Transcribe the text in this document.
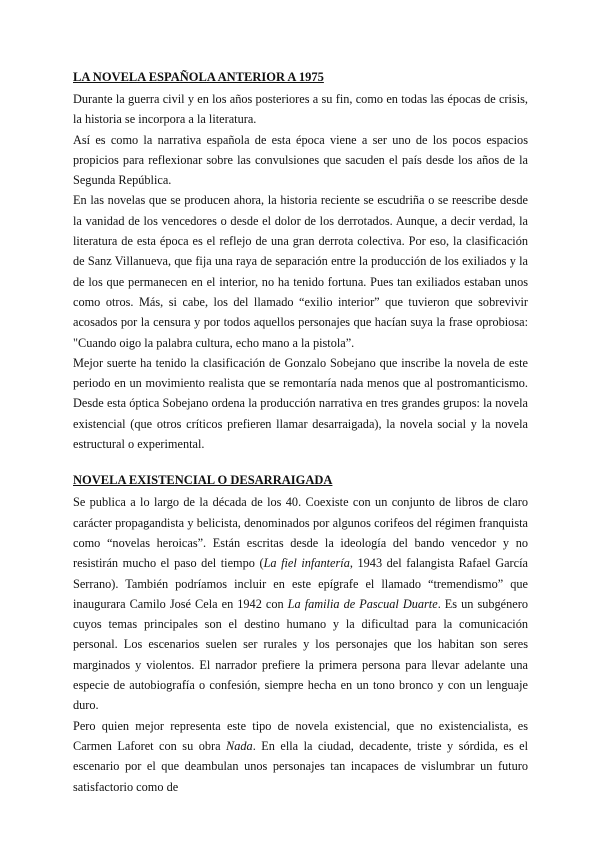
LA NOVELA ESPAÑOLA ANTERIOR A 1975

Durante la guerra civil y en los años posteriores a su fin, como en todas las épocas de crisis, la historia se incorpora a la literatura.

Así es como la narrativa española de esta época viene a ser uno de los pocos espacios propicios para reflexionar sobre las convulsiones que sacuden el país desde los años de la Segunda República.

En las novelas que se producen ahora, la historia reciente se escudriña o se reescribe desde la vanidad de los vencedores o desde el dolor de los derrotados. Aunque, a decir verdad, la literatura de esta época es el reflejo de una gran derrota colectiva. Por eso, la clasificación de Sanz Villanueva, que fija una raya de separación entre la producción de los exiliados y la de los que permanecen en el interior, no ha tenido fortuna. Pues tan exiliados estaban unos como otros. Más, si cabe, los del llamado “exilio interior” que tuvieron que sobrevivir acosados por la censura y por todos aquellos personajes que hacían suya la frase oprobiosa: "Cuando oigo la palabra cultura, echo mano a la pistola”.

Mejor suerte ha tenido la clasificación de Gonzalo Sobejano que inscribe la novela de este periodo en un movimiento realista que se remontaría nada menos que al postromanticismo. Desde esta óptica Sobejano ordena la producción narrativa en tres grandes grupos: la novela existencial (que otros críticos prefieren llamar desarraigada), la novela social y la novela estructural o experimental.

NOVELA EXISTENCIAL O DESARRAIGADA

Se publica a lo largo de la década de los 40. Coexiste con un conjunto de libros de claro carácter propagandista y belicista, denominados por algunos corifeos del régimen franquista como “novelas heroicas”. Están escritas desde la ideología del bando vencedor y no resistirán mucho el paso del tiempo (La fiel infantería, 1943 del falangista Rafael García Serrano). También podríamos incluir en este epígrafe el llamado “tremendismo” que inaugurara Camilo José Cela en 1942 con La familia de Pascual Duarte. Es un subgénero cuyos temas principales son el destino humano y la dificultad para la comunicación personal. Los escenarios suelen ser rurales y los personajes que los habitan son seres marginados y violentos. El narrador prefiere la primera persona para llevar adelante una especie de autobiografía o confesión, siempre hecha en un tono bronco y con un lenguaje duro.

Pero quien mejor representa este tipo de novela existencial, que no existencialista, es Carmen Laforet con su obra Nada. En ella la ciudad, decadente, triste y sórdida, es el escenario por el que deambulan unos personajes tan incapaces de vislumbrar un futuro satisfactorio como de
